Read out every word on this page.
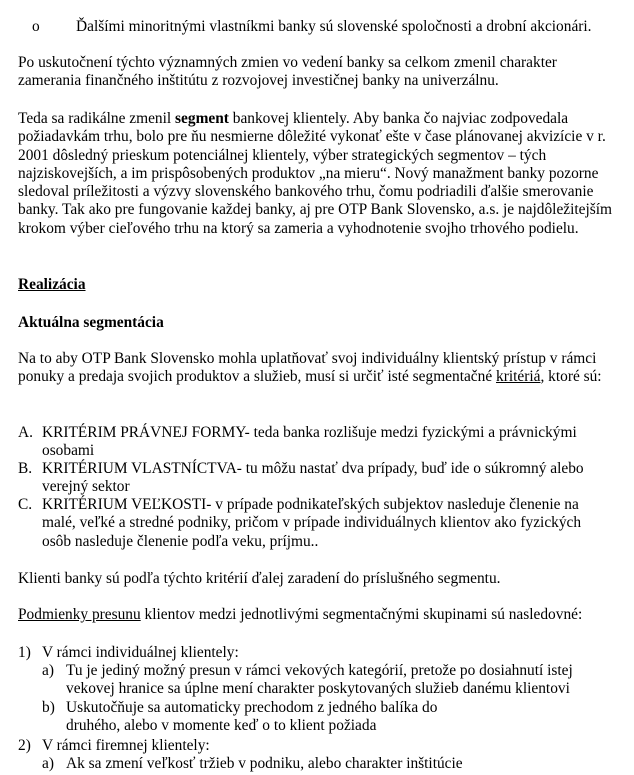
o Ďalšími minoritnými vlastníkmi banky sú slovenské spoločnosti a drobní akcionári.

Po uskutočnení týchto významných zmien vo vedení banky sa celkom zmenil charakter zamerania finančného inštitútu z rozvojovej investičnej banky na univerzálnu.

Teda sa radikálne zmenil segment bankovej klientely. Aby banka čo najviac zodpovedala požiadavkám trhu, bolo pre ňu nesmierne dôležité vykonať ešte v čase plánovanej akvizície v r. 2001 dôsledný prieskum potenciálnej klientely, výber strategických segmentov – tých najziskovejších, a im prispôsobených produktov „na mieru“. Nový manažment banky pozorne sledoval príležitosti a výzvy slovenského bankového trhu, čomu podriadili ďalšie smerovanie banky. Tak ako pre fungovanie každej banky, aj pre OTP Bank Slovensko, a.s. je najdôležitejším krokom výber cieľového trhu na ktorý sa zameria a vyhodnotenie svojho trhového podielu.

Realizácia

Aktuálna segmentácia

Na to aby OTP Bank Slovensko mohla uplatňovať svoj individuálny klientský prístup v rámci ponuky a predaja svojich produktov a služieb, musí si určiť isté segmentačné kritériá, ktoré sú:

A. KRITÉRIM PRÁVNEJ FORMY- teda banka rozlišuje medzi fyzickými a právnickými osobami
B. KRITÉRIUM VLASTNÍCTVA- tu môžu nastať dva prípady, buď ide o súkromný alebo verejný sektor
C. KRITÉRIUM VEĽKOSTI- v prípade podnikateľských subjektov nasleduje členenie na malé, veľké a stredné podniky, pričom v prípade individuálnych klientov ako fyzických osôb nasleduje členenie podľa veku, príjmu..

Klienti banky sú podľa týchto kritérií ďalej zaradení do príslušného segmentu.

Podmienky presunu klientov medzi jednotlivými segmentačnými skupinami sú nasledovné:

1) V rámci individuálnej klientely:
a) Tu je jediný možný presun v rámci vekových kategórií, pretože po dosiahnutí istej vekovej hranice sa úplne mení charakter poskytovaných služieb danému klientovi
b) Uskutočňuje sa automaticky prechodom z jedného balíka do druhého, alebo v momente keď o to klient požiada
2) V rámci firemnej klientely:
a) Ak sa zmení veľkosť tržieb v podniku, alebo charakter inštitúcie
